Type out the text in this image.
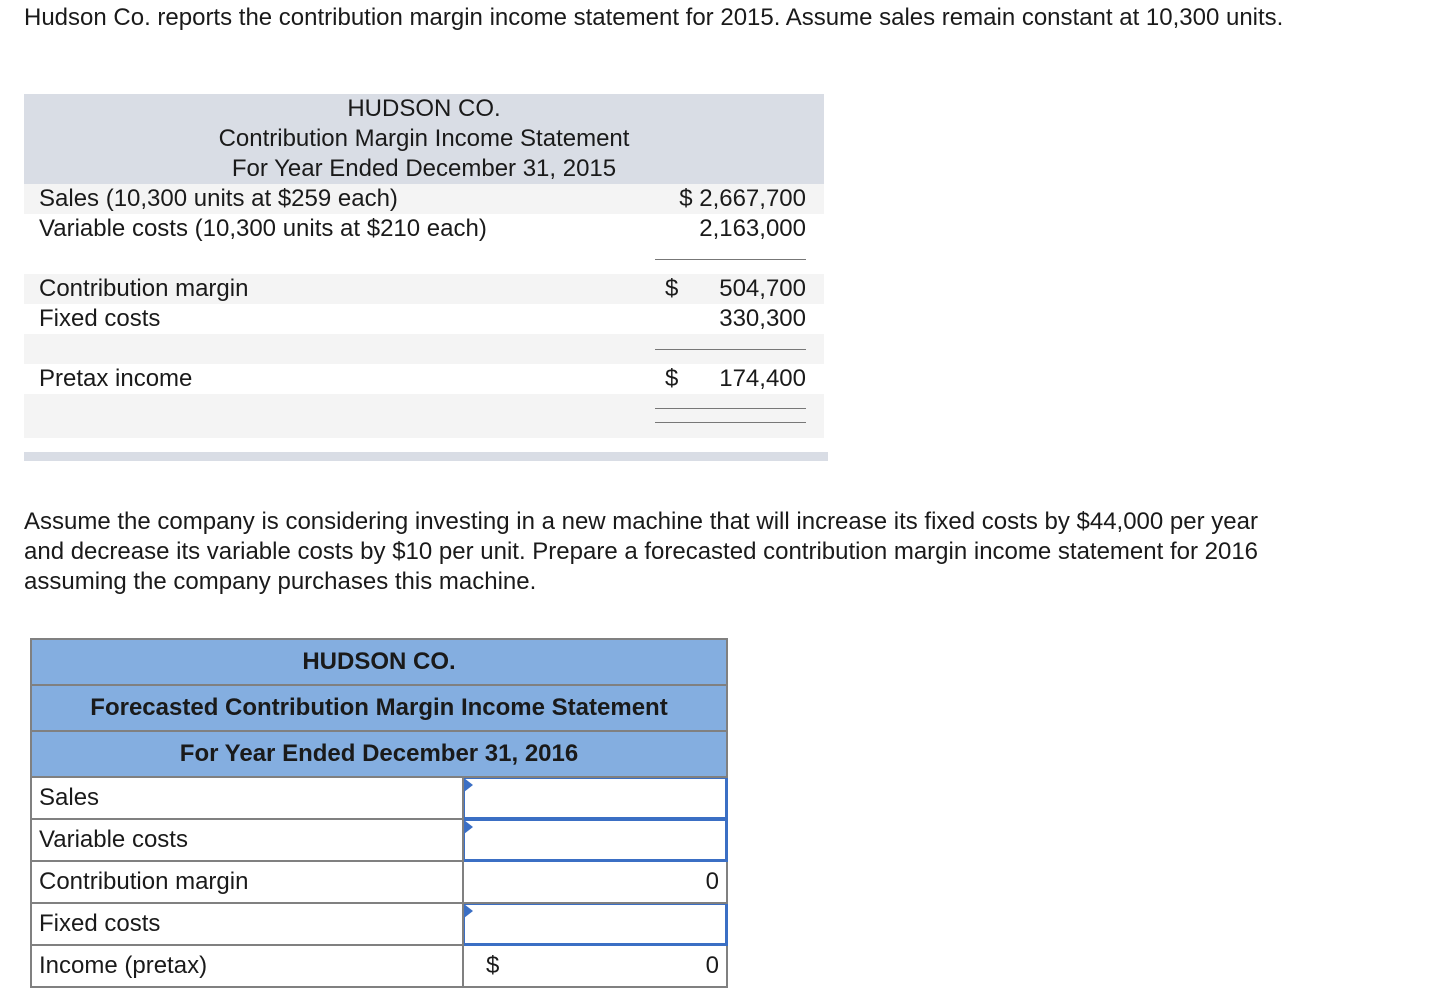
Hudson Co. reports the contribution margin income statement for 2015. Assume sales remain constant at 10,300 units.

HUDSON CO.
Contribution Margin Income Statement
For Year Ended December 31, 2015
Sales (10,300 units at $259 each)	$ 2,667,700
Variable costs (10,300 units at $210 each)	2,163,000
Contribution margin	$ 504,700
Fixed costs	330,300
Pretax income	$ 174,400

Assume the company is considering investing in a new machine that will increase its fixed costs by $44,000 per year and decrease its variable costs by $10 per unit. Prepare a forecasted contribution margin income statement for 2016 assuming the company purchases this machine.

HUDSON CO.	
Forecasted Contribution Margin Income Statement	
For Year Ended December 31, 2016	
Sales	

Variable costs	

Contribution margin	0
Fixed costs	

Income (pretax)	$ 0
